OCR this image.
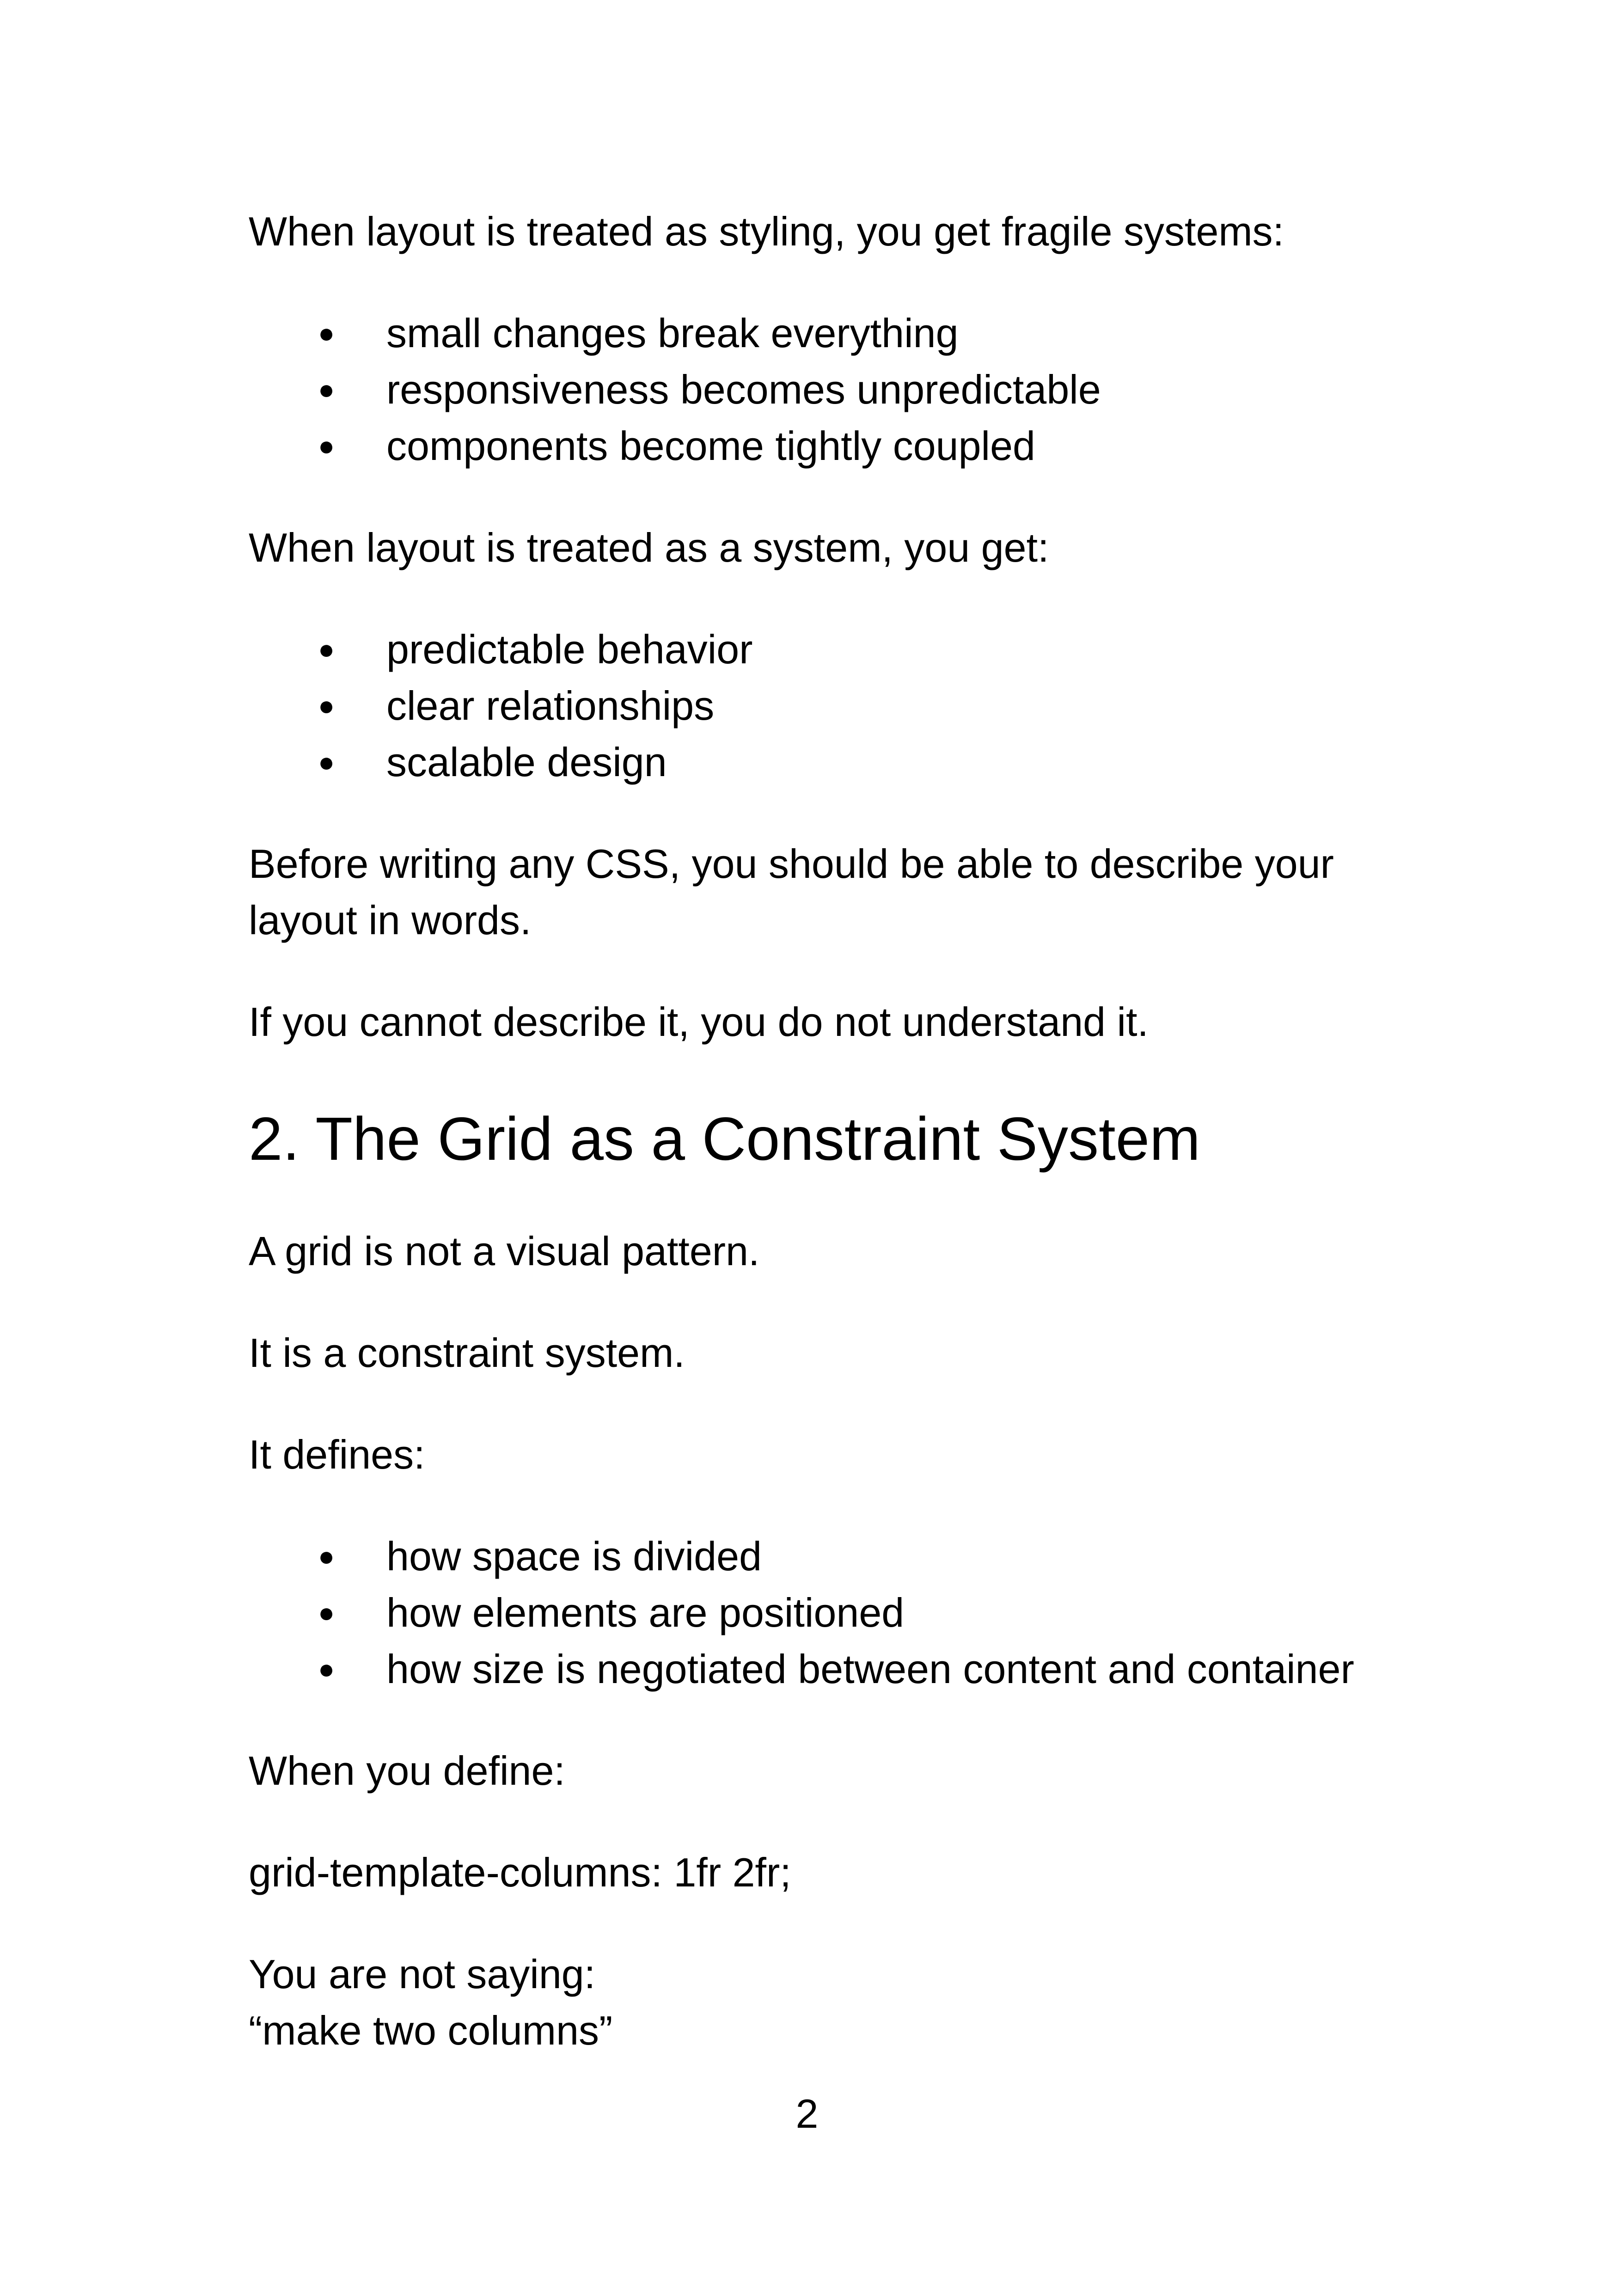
When layout is treated as styling, you get fragile systems:

● small changes break everything
● responsiveness becomes unpredictable
● components become tightly coupled

When layout is treated as a system, you get:

● predictable behavior
● clear relationships
● scalable design

Before writing any CSS, you should be able to describe your
layout in words.

If you cannot describe it, you do not understand it.

2. The Grid as a Constraint System

A grid is not a visual pattern.

It is a constraint system.

It defines:

● how space is divided
● how elements are positioned
● how size is negotiated between content and container

When you define:

grid-template-columns: 1fr 2fr;

You are not saying:
“make two columns”

2
